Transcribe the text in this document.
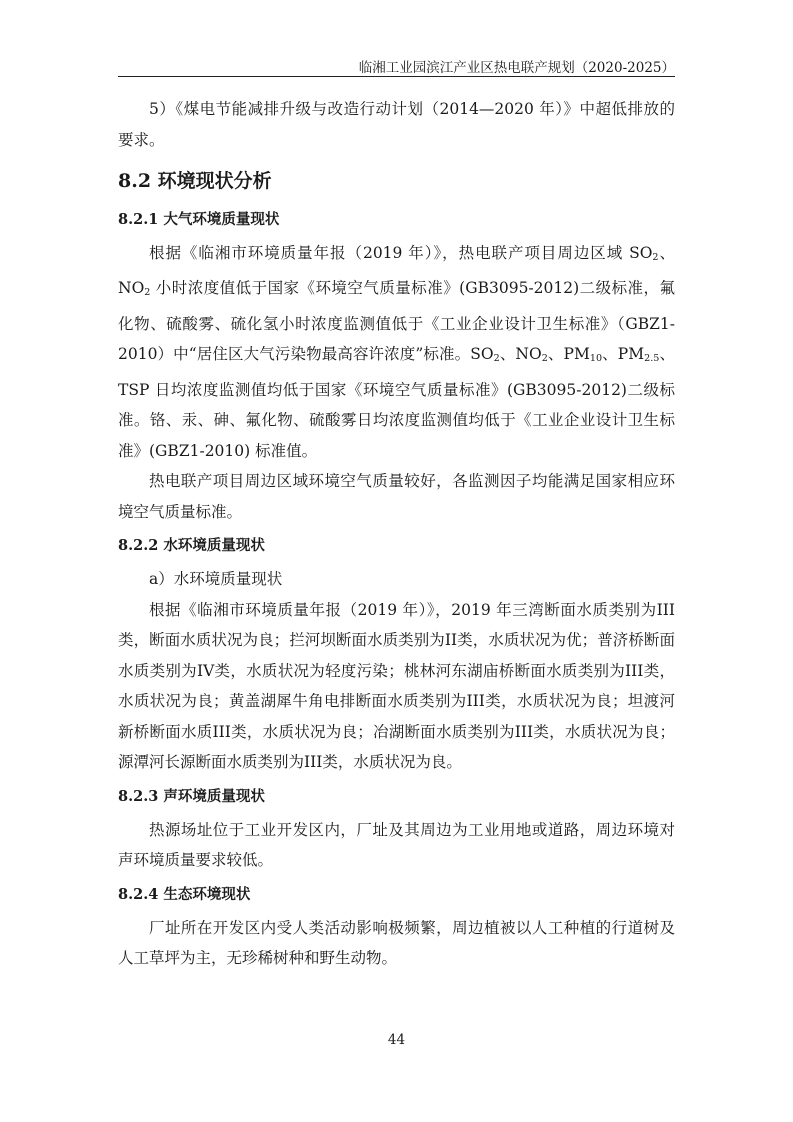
临湘工业园滨江产业区热电联产规划（2020-2025）

5）《煤电节能减排升级与改造行动计划（2014—2020 年）》中超低排放的要求。

8.2 环境现状分析
8.2.1 大气环境质量现状

根据《临湘市环境质量年报（2019 年）》，热电联产项目周边区域 $SO_2$、$NO_2$ 小时浓度值低于国家《环境空气质量标准》(GB3095-2012)二级标准，氟化物、硫酸雾、硫化氢小时浓度监测值低于《工业企业设计卫生标准》（GBZ1-2010）中“居住区大气污染物最高容许浓度”标准。$SO_2$、$NO_2$、$PM_{10}$、$PM_{2.5}$、TSP 日均浓度监测值均低于国家《环境空气质量标准》(GB3095-2012)二级标准。铬、汞、砷、氟化物、硫酸雾日均浓度监测值均低于《工业企业设计卫生标准》(GBZ1-2010) 标准值。

热电联产项目周边区域环境空气质量较好，各监测因子均能满足国家相应环境空气质量标准。

8.2.2 水环境质量现状

a）水环境质量现状

根据《临湘市环境质量年报（2019 年）》，2019 年三湾断面水质类别为III类，断面水质状况为良；拦河坝断面水质类别为II类，水质状况为优；普济桥断面水质类别为IV类，水质状况为轻度污染；桃林河东湖庙桥断面水质类别为III类，水质状况为良；黄盖湖犀牛角电排断面水质类别为III类，水质状况为良；坦渡河新桥断面水质III类，水质状况为良；冶湖断面水质类别为III类，水质状况为良；源潭河长源断面水质类别为III类，水质状况为良。

8.2.3 声环境质量现状

热源场址位于工业开发区内，厂址及其周边为工业用地或道路，周边环境对声环境质量要求较低。

8.2.4 生态环境现状

厂址所在开发区内受人类活动影响极频繁，周边植被以人工种植的行道树及人工草坪为主，无珍稀树种和野生动物。

44
